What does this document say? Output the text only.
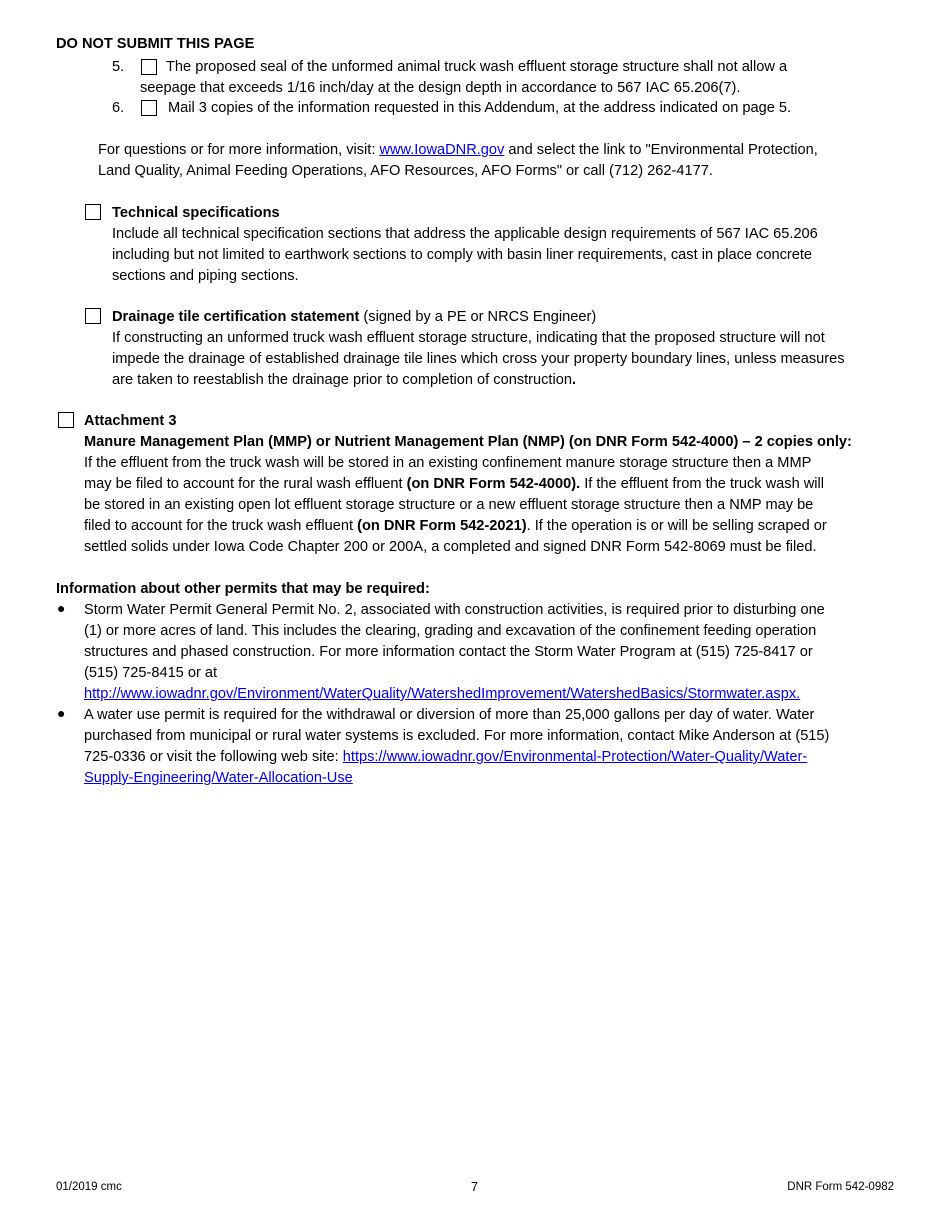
DO NOT SUBMIT THIS PAGE
5.	The proposed seal of the unformed animal truck wash effluent storage structure shall not allow a
seepage that exceeds 1/16 inch/day at the design depth in accordance to 567 IAC 65.206(7).
6.	Mail 3 copies of the information requested in this Addendum, at the address indicated on page 5.
For questions or for more information, visit: www.IowaDNR.gov and select the link to "Environmental Protection,
Land Quality, Animal Feeding Operations, AFO Resources, AFO Forms" or call (712) 262-4177.
Technical specifications
Include all technical specification sections that address the applicable design requirements of 567 IAC 65.206
including but not limited to earthwork sections to comply with basin liner requirements, cast in place concrete
sections and piping sections.
Drainage tile certification statement (signed by a PE or NRCS Engineer)
If constructing an unformed truck wash effluent storage structure, indicating that the proposed structure will not
impede the drainage of established drainage tile lines which cross your property boundary lines, unless measures
are taken to reestablish the drainage prior to completion of construction.
Attachment 3
Manure Management Plan (MMP) or Nutrient Management Plan (NMP) (on DNR Form 542-4000) – 2 copies only:
If the effluent from the truck wash will be stored in an existing confinement manure storage structure then a MMP
may be filed to account for the rural wash effluent (on DNR Form 542-4000). If the effluent from the truck wash will
be stored in an existing open lot effluent storage structure or a new effluent storage structure then a NMP may be
filed to account for the truck wash effluent (on DNR Form 542-2021). If the operation is or will be selling scraped or
settled solids under Iowa Code Chapter 200 or 200A, a completed and signed DNR Form 542-8069 must be filed.
Information about other permits that may be required:
● Storm Water Permit General Permit No. 2, associated with construction activities, is required prior to disturbing one
(1) or more acres of land. This includes the clearing, grading and excavation of the confinement feeding operation
structures and phased construction. For more information contact the Storm Water Program at (515) 725-8417 or
(515) 725-8415 or at
http://www.iowadnr.gov/Environment/WaterQuality/WatershedImprovement/WatershedBasics/Stormwater.aspx.
● A water use permit is required for the withdrawal or diversion of more than 25,000 gallons per day of water. Water
purchased from municipal or rural water systems is excluded. For more information, contact Mike Anderson at (515)
725-0336 or visit the following web site: https://www.iowadnr.gov/Environmental-Protection/Water-Quality/Water-
Supply-Engineering/Water-Allocation-Use
01/2019 cmc	7	DNR Form 542-0982
